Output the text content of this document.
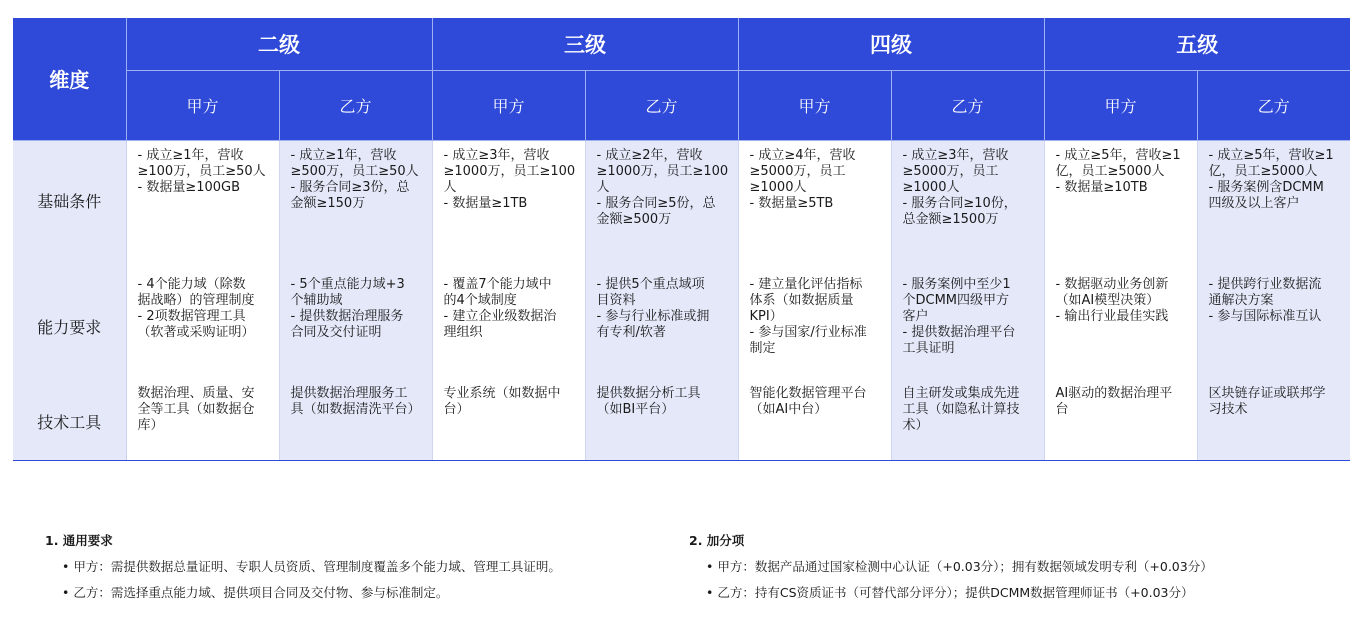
维度	二级		三级		四级		五级	
	甲方	乙方	甲方	乙方	甲方	乙方	甲方	乙方
基础条件	- 成立≥1年，营收
≥100万，员工≥50人
- 数据量≥100GB	- 成立≥1年，营收
≥500万，员工≥50人
- 服务合同≥3份，总
金额≥150万	- 成立≥3年，营收
≥1000万，员工≥100
人
- 数据量≥1TB	- 成立≥2年，营收
≥1000万，员工≥100
人
- 服务合同≥5份，总
金额≥500万	- 成立≥4年，营收
≥5000万，员工
≥1000人
- 数据量≥5TB	- 成立≥3年，营收
≥5000万，员工
≥1000人
- 服务合同≥10份，
总金额≥1500万	- 成立≥5年，营收≥1
亿，员工≥5000人
- 数据量≥10TB	- 成立≥5年，营收≥1
亿，员工≥5000人
- 服务案例含DCMM
四级及以上客户

能力要求	- 4个能力域（除数
据战略）的管理制度
- 2项数据管理工具
（软著或采购证明）	- 5个重点能力域+3
个辅助域
- 提供数据治理服务
合同及交付证明	- 覆盖7个能力域中
的4个域制度
- 建立企业级数据治
理组织	- 提供5个重点域项
目资料
- 参与行业标准或拥
有专利/软著	- 建立量化评估指标
体系（如数据质量
KPI）
- 参与国家/行业标准
制定	- 服务案例中至少1
个DCMM四级甲方
客户
- 提供数据治理平台
工具证明	- 数据驱动业务创新
（如AI模型决策）
- 输出行业最佳实践	- 提供跨行业数据流
通解决方案
- 参与国际标准互认

技术工具	数据治理、质量、安
全等工具（如数据仓
库）	提供数据治理服务工
具（如数据清洗平台）	专业系统（如数据中
台）	提供数据分析工具
（如BI平台）	智能化数据管理平台
（如AI中台）	自主研发或集成先进
工具（如隐私计算技
术）	AI驱动的数据治理平
台	区块链存证或联邦学
习技术
1. 通用要求
• 甲方：需提供数据总量证明、专职人员资质、管理制度覆盖多个能力域、管理工具证明。
• 乙方：需选择重点能力域、提供项目合同及交付物、参与标准制定。
2. 加分项
• 甲方：数据产品通过国家检测中心认证（+0.03分）；拥有数据领域发明专利（+0.03分）
• 乙方：持有CS资质证书（可替代部分评分）；提供DCMM数据管理师证书（+0.03分）
